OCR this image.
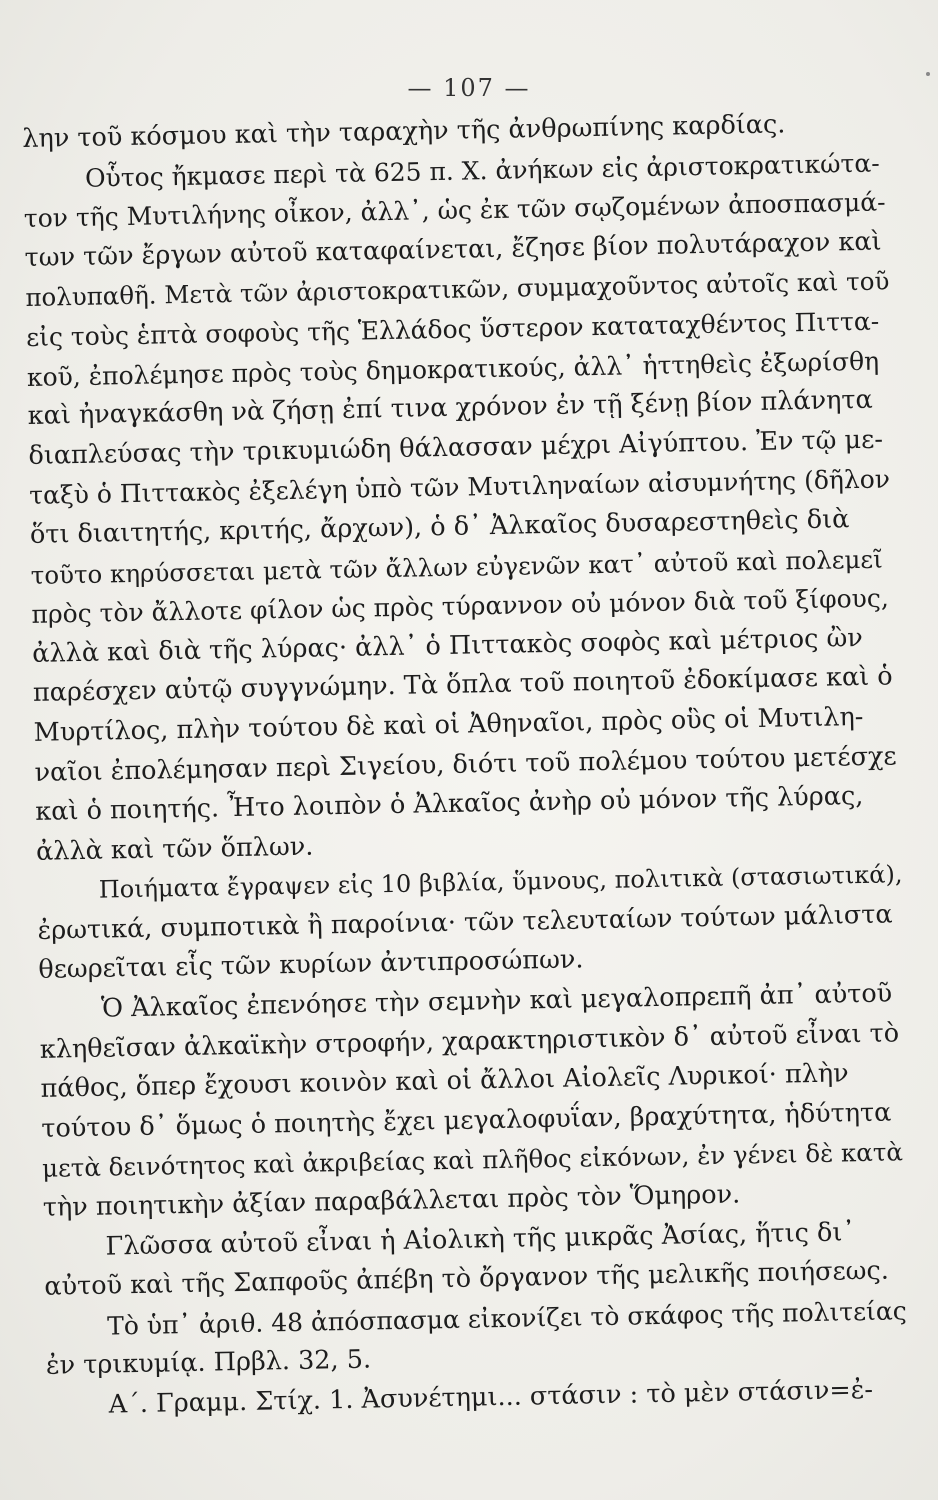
— 107 —
λην τοῦ κόσμου καὶ τὴν ταραχὴν τῆς ἀνθρωπίνης καρδίας.
Οὗτος ἤκμασε περὶ τὰ 625 π. Χ. ἀνήκων εἰς ἀριστοκρατικώτα-
τον τῆς Μυτιλήνης οἶκον, ἀλλ᾿, ὡς ἐκ τῶν σῳζομένων ἀποσπασμά-
των τῶν ἔργων αὐτοῦ καταφαίνεται, ἔζησε βίον πολυτάραχον καὶ
πολυπαθῆ. Μετὰ τῶν ἀριστοκρατικῶν, συμμαχοῦντος αὐτοῖς καὶ τοῦ
εἰς τοὺς ἑπτὰ σοφοὺς τῆς Ἑλλάδος ὕστερον καταταχθέντος Πιττα-
κοῦ, ἐπολέμησε πρὸς τοὺς δημοκρατικούς, ἀλλ᾿ ἡττηθεὶς ἐξωρίσθη
καὶ ἠναγκάσθη νὰ ζήσῃ ἐπί τινα χρόνον ἐν τῇ ξένῃ βίον πλάνητα
διαπλεύσας τὴν τρικυμιώδη θάλασσαν μέχρι Αἰγύπτου. Ἐν τῷ με-
ταξὺ ὁ Πιττακὸς ἐξελέγη ὑπὸ τῶν Μυτιληναίων αἰσυμνήτης (δῆλον
ὅτι διαιτητής, κριτής, ἄρχων), ὁ δ᾿ Ἀλκαῖος δυσαρεστηθεὶς διὰ
τοῦτο κηρύσσεται μετὰ τῶν ἄλλων εὐγενῶν κατ᾿ αὐτοῦ καὶ πολεμεῖ
πρὸς τὸν ἄλλοτε φίλον ὡς πρὸς τύραννον οὐ μόνον διὰ τοῦ ξίφους,
ἀλλὰ καὶ διὰ τῆς λύρας· ἀλλ᾿ ὁ Πιττακὸς σοφὸς καὶ μέτριος ὢν
παρέσχεν αὐτῷ συγγνώμην. Τὰ ὅπλα τοῦ ποιητοῦ ἐδοκίμασε καὶ ὁ
Μυρτίλος, πλὴν τούτου δὲ καὶ οἱ Ἀθηναῖοι, πρὸς οὓς οἱ Μυτιλη-
ναῖοι ἐπολέμησαν περὶ Σιγείου, διότι τοῦ πολέμου τούτου μετέσχε
καὶ ὁ ποιητής. Ἦτο λοιπὸν ὁ Ἀλκαῖος ἀνὴρ οὐ μόνον τῆς λύρας,
ἀλλὰ καὶ τῶν ὅπλων.
Ποιήματα ἔγραψεν εἰς 10 βιβλία, ὕμνους, πολιτικὰ (στασιωτικά),
ἐρωτικά, συμποτικὰ ἢ παροίνια· τῶν τελευταίων τούτων μάλιστα
θεωρεῖται εἷς τῶν κυρίων ἀντιπροσώπων.
Ὁ Ἀλκαῖος ἐπενόησε τὴν σεμνὴν καὶ μεγαλοπρεπῆ ἀπ᾿ αὐτοῦ
κληθεῖσαν ἀλκαϊκὴν στροφήν, χαρακτηριστικὸν δ᾿ αὐτοῦ εἶναι τὸ
πάθος, ὅπερ ἔχουσι κοινὸν καὶ οἱ ἄλλοι Αἰολεῖς Λυρικοί· πλὴν
τούτου δ᾿ ὅμως ὁ ποιητὴς ἔχει μεγαλοφυΐαν, βραχύτητα, ἡδύτητα
μετὰ δεινότητος καὶ ἀκριβείας καὶ πλῆθος εἰκόνων, ἐν γένει δὲ κατὰ
τὴν ποιητικὴν ἀξίαν παραβάλλεται πρὸς τὸν Ὅμηρον.
Γλῶσσα αὐτοῦ εἶναι ἡ Αἰολικὴ τῆς μικρᾶς Ἀσίας, ἥτις δι᾿
αὐτοῦ καὶ τῆς Σαπφοῦς ἀπέβη τὸ ὄργανον τῆς μελικῆς ποιήσεως.
Τὸ ὑπ᾿ ἀριθ. 48 ἀπόσπασμα εἰκονίζει τὸ σκάφος τῆς πολιτείας
ἐν τρικυμίᾳ. Πρβλ. 32, 5.
Α΄. Γραμμ. Στίχ. 1. Ἀσυνέτημι... στάσιν : τὸ μὲν στάσιν=ἐ-
